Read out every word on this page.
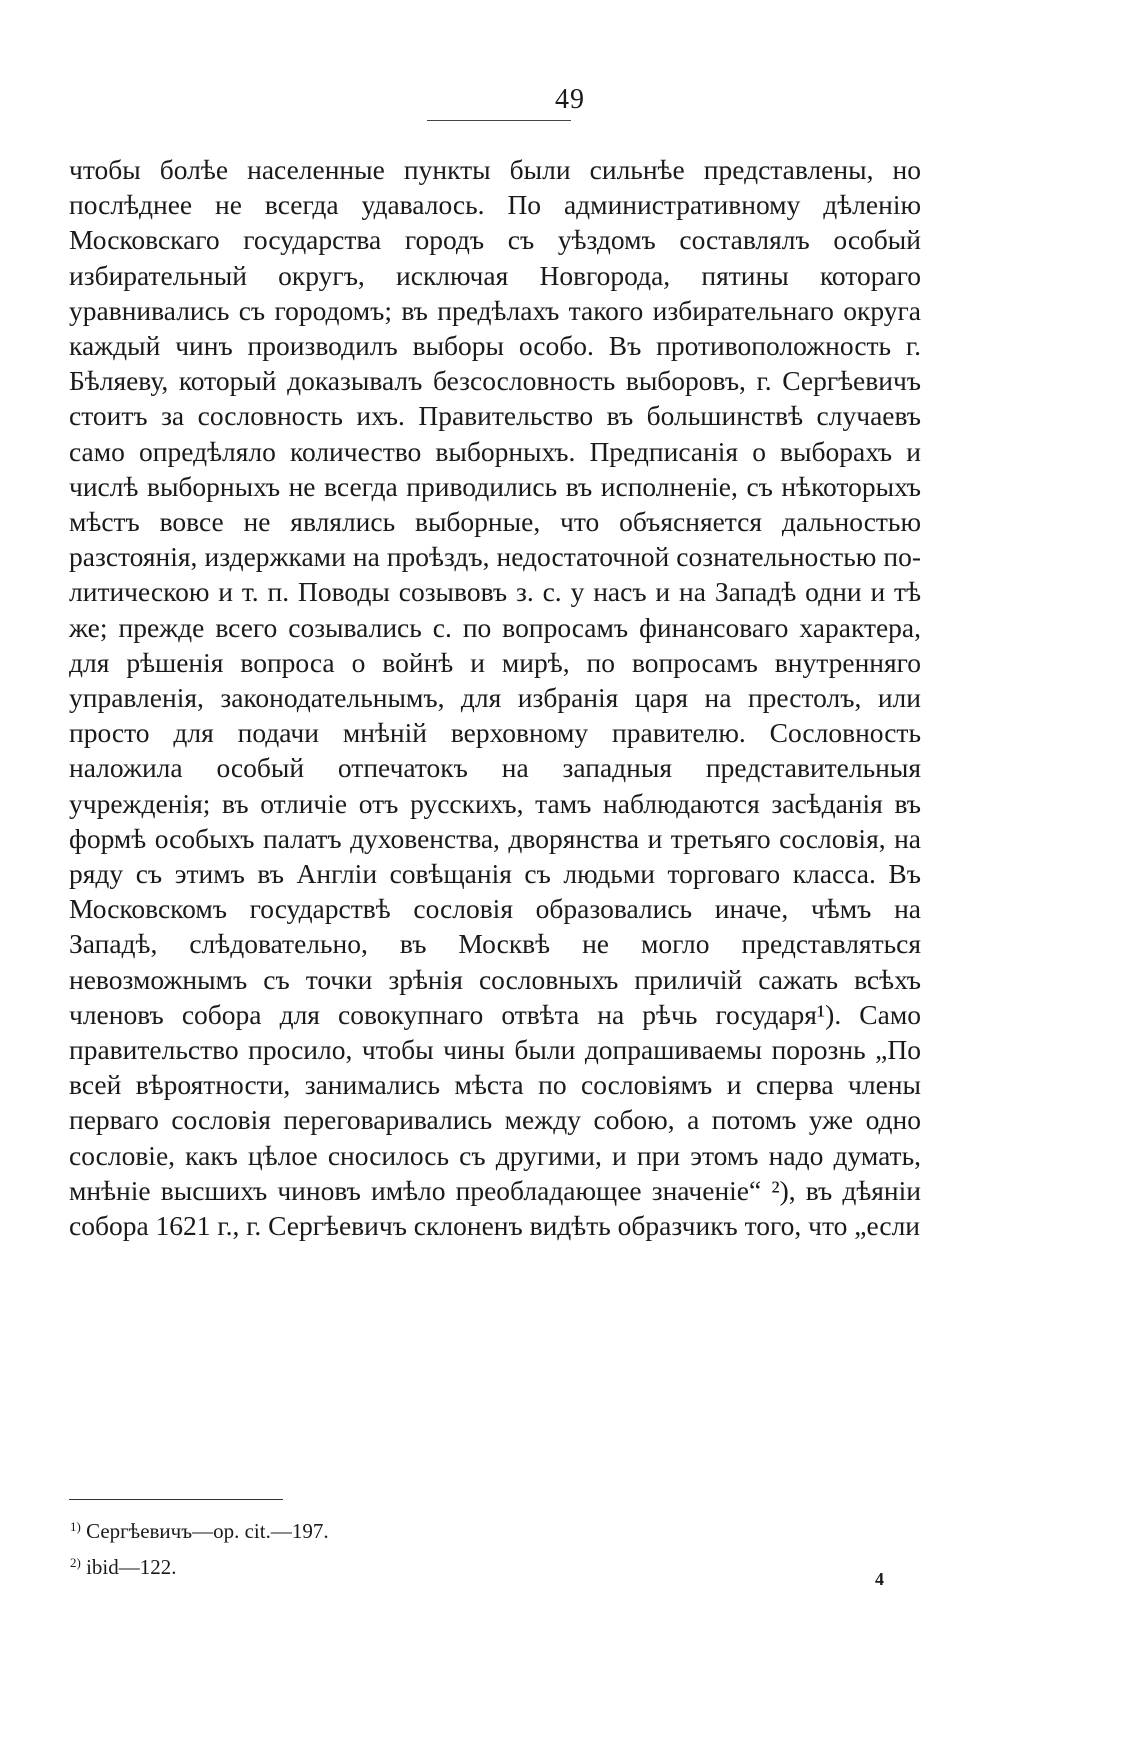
49

чтобы болѣе населенные пункты были сильнѣе представлены, но послѣднее не всегда удавалось. По административному дѣленію Московскаго государства городъ съ уѣздомъ составлялъ особый избирательный округъ, исключая Новгорода, пятины котораго уравнивались съ городомъ; въ предѣлахъ такого избирательнаго округа каждый чинъ производилъ выборы особо. Въ противоположность г. Бѣляеву, который доказывалъ безсословность выборовъ, г. Сергѣевичъ стоитъ за сословность ихъ. Правительство въ большинствѣ случаевъ само опредѣляло количество выборныхъ. Предписанія о выборахъ и числѣ выборныхъ не всегда приводились въ исполненіе, съ нѣкоторыхъ мѣстъ вовсе не являлись выборные, что объясняется дальностью разстоянія, издержками на проѣздъ, недостаточной сознательностью политическою и т. п. Поводы созывовъ з. с. у насъ и на Западѣ одни и тѣ же; прежде всего созывались с. по вопросамъ финансоваго характера, для рѣшенія вопроса о войнѣ и мирѣ, по вопросамъ внутренняго управленія, законодательнымъ, для избранія царя на престолъ, или просто для подачи мнѣній верховному правителю. Сословность наложила особый отпечатокъ на западныя представительныя учрежденія; въ отличіе отъ русскихъ, тамъ наблюдаются засѣданія въ формѣ особыхъ палатъ духовенства, дворянства и третьяго сословія, на ряду съ этимъ въ Англіи совѣщанія съ людьми торговаго класса. Въ Московскомъ государствѣ сословія образовались иначе, чѣмъ на Западѣ, слѣдовательно, въ Москвѣ не могло представляться невозможнымъ съ точки зрѣнія сословныхъ приличій сажать всѣхъ членовъ собора для совокупнаго отвѣта на рѣчь государя¹). Само правительство просило, чтобы чины были допрашиваемы порознь „По всей вѣроятности, занимались мѣста по сословіямъ и сперва члены перваго сословія переговаривались между собою, а потомъ уже одно сословіе, какъ цѣлое сносилось съ другими, и при этомъ надо думать, мнѣніе высшихъ чиновъ имѣло преобладающее значеніе“ ²), въ дѣяніи собора 1621 г., г. Сергѣевичъ склоненъ видѣть образчикъ того, что „если

$^{1)}$ Сергѣевичъ—op. cit.—197.
$^{2)}$ ibid—122.	4
